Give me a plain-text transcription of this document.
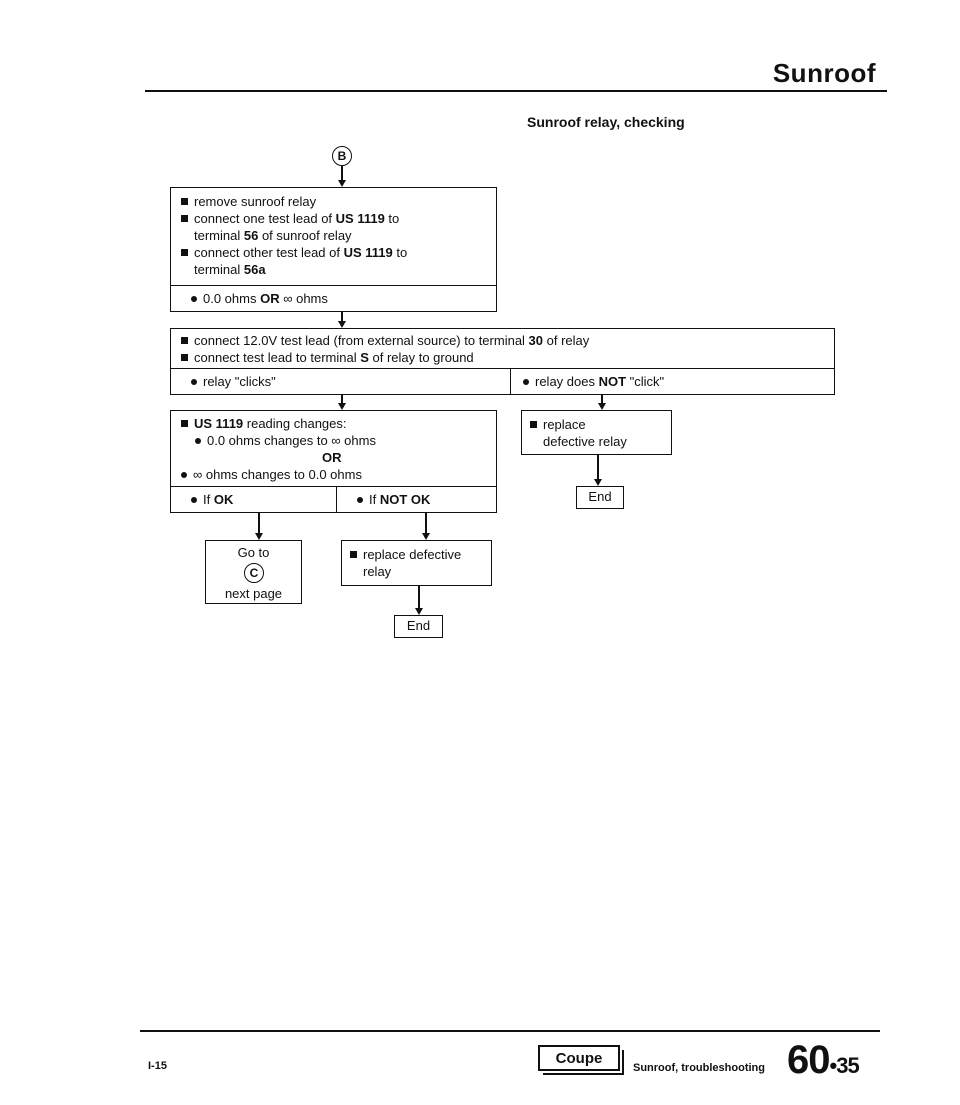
Sunroof
Sunroof relay, checking
B
remove sunroof relay
connect one test lead of US 1119 to
terminal 56 of sunroof relay
connect other test lead of US 1119 to
terminal 56a
0.0 ohms OR ∞ ohms
connect 12.0V test lead (from external source) to terminal 30 of relay
connect test lead to terminal S of relay to ground
relay "clicks"	relay does NOT "click"
US 1119 reading changes:
0.0 ohms changes to ∞ ohms
OR
∞ ohms changes to 0.0 ohms
If OK	If NOT OK
replace
defective relay
End
Go to
C
next page
replace defective
relay
End
I-15	Coupe
Sunroof, troubleshooting 60•35
